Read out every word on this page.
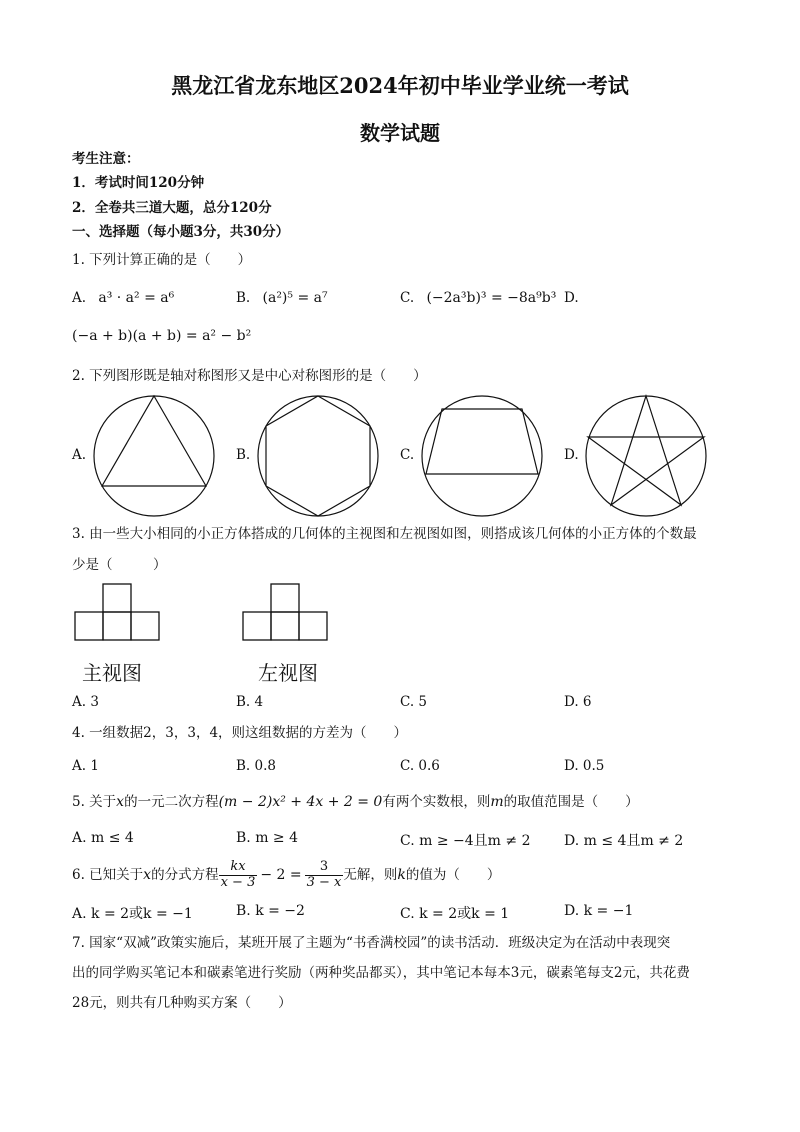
黑龙江省龙东地区2024年初中毕业学业统一考试
数学试题
考生注意：
1．考试时间120分钟
2．全卷共三道大题，总分120分
一、选择题（每小题3分，共30分）
1. 下列计算正确的是（　　）
A. a³ · a² = a⁶	B. (a²)⁵ = a⁷	C. (−2a³b)³ = −8a⁹b³ D.
(−a + b)(a + b) = a² − b²
2. 下列图形既是轴对称图形又是中心对称图形的是（　　）
A.	B.	C.	D.
3. 由一些大小相同的小正方体搭成的几何体的主视图和左视图如图，则搭成该几何体的小正方体的个数最
少是（　　　）
主视图	左视图
A. 3	B. 4	C. 5	D. 6
4. 一组数据2，3，3，4，则这组数据的方差为（　　）
A. 1	B. 0.8	C. 0.6	D. 0.5
5. 关于x的一元二次方程(m − 2)x² + 4x + 2 = 0有两个实数根，则m的取值范围是（　　）
A. m ≤ 4	B. m ≥ 4	C. m ≥ −4且m ≠ 2 D. m ≤ 4且m ≠ 2
6. 已知关于x的分式方程 $\frac{kx}{x - 3} - 2 = \frac{3}{3 - x}$ 无解，则k的值为（　　）
A. k = 2或k = −1	B. k = −2	C. k = 2或k = 1	D. k = −1
7. 国家“双减”政策实施后，某班开展了主题为“书香满校园”的读书活动．班级决定为在活动中表现突
出的同学购买笔记本和碳素笔进行奖励（两种奖品都买），其中笔记本每本3元，碳素笔每支2元，共花费
28元，则共有几种购买方案（　　）
